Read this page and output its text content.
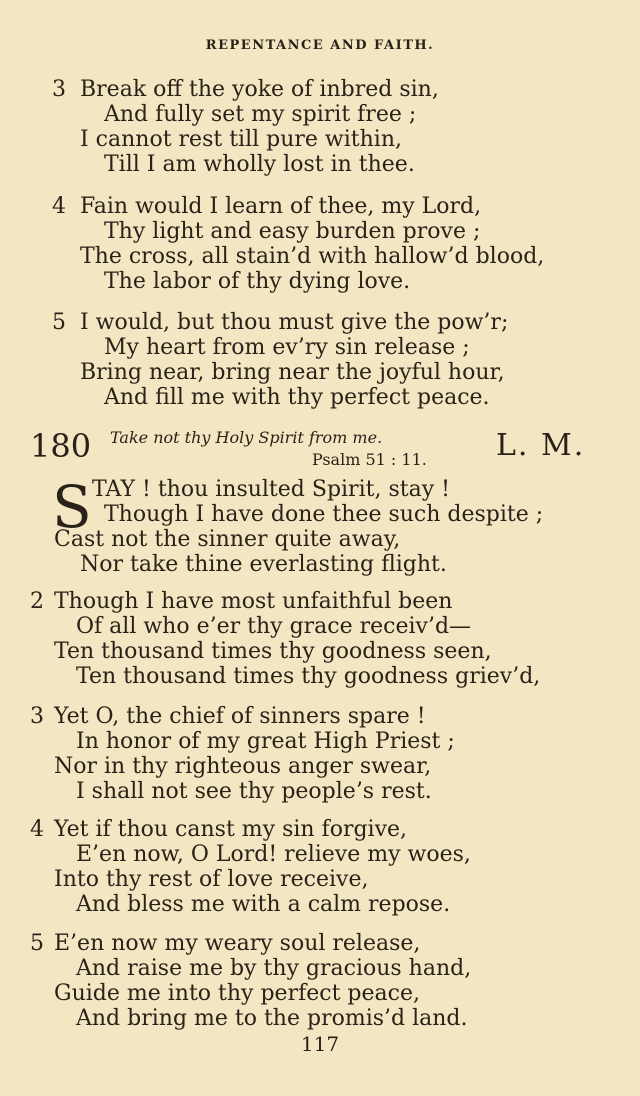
REPENTANCE AND FAITH.
3 Break off the yoke of inbred sin,
And fully set my spirit free ;
I cannot rest till pure within,
Till I am wholly lost in thee.
4 Fain would I learn of thee, my Lord,
Thy light and easy burden prove ;
The cross, all stain’d with hallow’d blood,
The labor of thy dying love.
5 I would, but thou must give the pow’r;
My heart from ev’ry sin release ;
Bring near, bring near the joyful hour,
And fill me with thy perfect peace.
180 Take not thy Holy Spirit from me.
Psalm 51 : 11. L. M.
S TAY ! thou insulted Spirit, stay !
Though I have done thee such despite ;
Cast not the sinner quite away,
Nor take thine everlasting flight.
2 Though I have most unfaithful been
Of all who e’er thy grace receiv’d—
Ten thousand times thy goodness seen,
Ten thousand times thy goodness griev’d,
3 Yet O, the chief of sinners spare !
In honor of my great High Priest ;
Nor in thy righteous anger swear,
I shall not see thy people’s rest.
4 Yet if thou canst my sin forgive,
E’en now, O Lord! relieve my woes,
Into thy rest of love receive,
And bless me with a calm repose.
5 E’en now my weary soul release,
And raise me by thy gracious hand,
Guide me into thy perfect peace,
And bring me to the promis’d land.
117
